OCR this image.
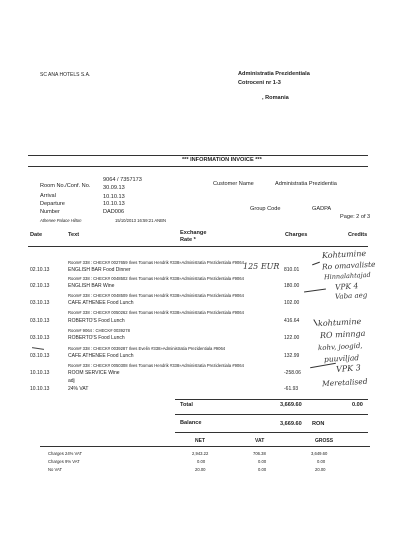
SC ANA HOTELS S.A.	Administratia Prezidentiala
Cotroceni nr 1-3
, Romania
*** INFORMATION INVOICE ***
Room No./Conf. No.
9064 / 7357173
30.09.13
Arrival	10.10.13
Departure	10.10.13
Number	DAD006
Customer Name	Administratia Prezidentia
Group Code	GADPA
Page: 2 of 3
Athenee Palace Hilton	15/10/2013 16:59:21 ANBN
Date	Text	Exchange
Rate *
Charges	Credits
Room# 338 : CHECK# 0027659 Ilves Toomas Hendrik #338»Administratia Prezidentiala #9064
02.10.13	ENGLISH BAR Food Dinner	810.01
Room# 338 : CHECK# 0048502 Ilves Toomas Hendrik #338»Administratia Prezidentiala #9064
02.10.13	ENGLISH BAR Wine	180.00
Room# 338 : CHECK# 0048509 Ilves Toomas Hendrik #338»Administratia Prezidentiala #9064
03.10.13	CAFE ATHENEE Food Lunch	102.00
Room# 338 : CHECK# 0050262 Ilves Toomas Hendrik #338»Administratia Prezidentiala #9064
03.10.13	ROBERTO'S Food Lunch	416.64
Room# 9064 : CHECK# 0039278
03.10.13	ROBERTO'S Food Lunch	122.00
Room# 338 : CHECK# 0039287 Ilves Evelin #338»Administratia Prezidentiala #9064
03.10.13	CAFE ATHENEE Food Lunch	132.99
Room# 338 : CHECK# 0050308 Ilves Toomas Hendrik #338»Administratia Prezidentiala #9064
10.10.13	ROOM SERVICE Wine	-258.06
adj
10.10.13	24% VAT	-61.93
Total	3,669.60	0.00
Balance	3,669.60 RON
NET	VAT	GROSS
Charges 24% VAT	2,943.22	706.38	3,649.60
Charges 9% VAT	0.00	0.00	0.00
No VAT	20.00	0.00	20.00
Kohtumine
Ro omavaliste
Hinnalahtajad
VPK 4
Vaba aeg
kohtumine
RO minnga
kohv, joogid,
puuviljad
VPK 3
Meretalised
125 EUR
